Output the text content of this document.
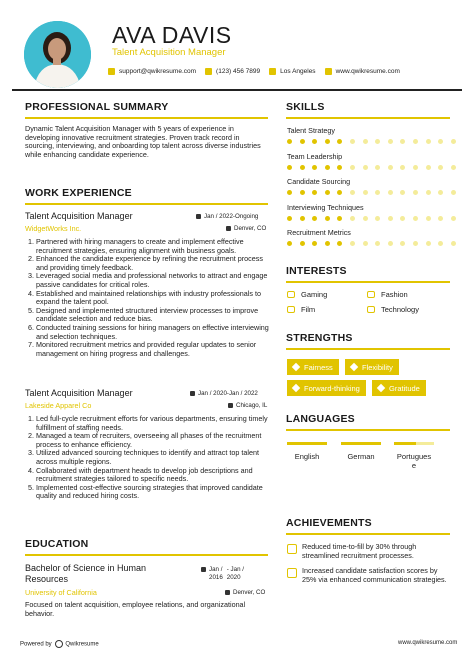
AVA DAVIS
Talent Acquisition Manager
support@qwikresume.com	(123) 456 7899	Los Angeles	www.qwikresume.com
PROFESSIONAL SUMMARY
Dynamic Talent Acquisition Manager with 5 years of experience in developing innovative recruitment strategies. Proven track record in sourcing, interviewing, and onboarding top talent across diverse industries while enhancing candidate experience.
WORK EXPERIENCE
Talent Acquisition Manager	Jan / 2022-Ongoing
WidgetWorks Inc.	Denver, CO
1. Partnered with hiring managers to create and implement effective recruitment strategies, ensuring alignment with business goals.
2. Enhanced the candidate experience by refining the recruitment process and providing timely feedback.
3. Leveraged social media and professional networks to attract and engage passive candidates for critical roles.
4. Established and maintained relationships with industry professionals to expand the talent pool.
5. Designed and implemented structured interview processes to improve candidate selection and reduce bias.
6. Conducted training sessions for hiring managers on effective interviewing and selection techniques.
7. Monitored recruitment metrics and provided regular updates to senior management on hiring progress and challenges.
Talent Acquisition Manager	Jan / 2020-Jan / 2022
Lakeside Apparel Co	Chicago, IL
1. Led full-cycle recruitment efforts for various departments, ensuring timely fulfillment of staffing needs.
2. Managed a team of recruiters, overseeing all phases of the recruitment process to enhance efficiency.
3. Utilized advanced sourcing techniques to identify and attract top talent across multiple regions.
4. Collaborated with department heads to develop job descriptions and recruitment strategies tailored to specific needs.
5. Implemented cost-effective sourcing strategies that improved candidate quality and reduced hiring costs.
EDUCATION
Bachelor of Science in Human
Resources
Jan /
2016
- Jan /
2020
University of California	Denver, CO
Focused on talent acquisition, employee relations, and organizational behavior.
SKILLS
Talent Strategy
Team Leadership
Candidate Sourcing
Interviewing Techniques
Recruitment Metrics
INTERESTS
Gaming	Fashion
Film	Technology
STRENGTHS
Fairness	Flexibility
Forward-thinking	Gratitude
LANGUAGES
English	German	Portugues
e
ACHIEVEMENTS
Reduced time-to-fill by 30% through streamlined recruitment processes.
Increased candidate satisfaction scores by 25% via enhanced communication strategies.
Powered by Qwikresume	www.qwikresume.com
